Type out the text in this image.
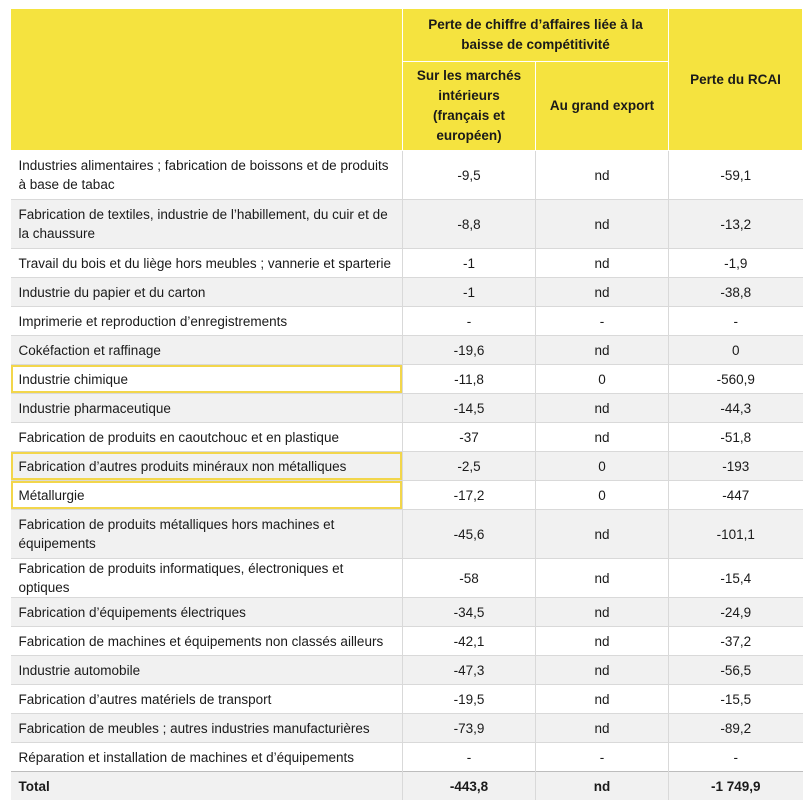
	Perte de chiffre d’affaires liée à la baisse de compétitivité		Perte du RCAI
	Sur les marchés intérieurs (français et européen)	Au grand export	
Industries alimentaires ; fabrication de boissons et de produits à base de tabac	-9,5	nd	-59,1
Fabrication de textiles, industrie de l’habillement, du cuir et de la chaussure	-8,8	nd	-13,2
Travail du bois et du liège hors meubles ; vannerie et sparterie	-1	nd	-1,9
Industrie du papier et du carton	-1	nd	-38,8
Imprimerie et reproduction d’enregistrements	-	-	-
Cokéfaction et raffinage	-19,6	nd	0
Industrie chimique	-11,8	0	-560,9
Industrie pharmaceutique	-14,5	nd	-44,3
Fabrication de produits en caoutchouc et en plastique	-37	nd	-51,8
Fabrication d’autres produits minéraux non métalliques	-2,5	0	-193
Métallurgie	-17,2	0	-447
Fabrication de produits métalliques hors machines et équipements	-45,6	nd	-101,1
Fabrication de produits informatiques, électroniques et optiques	-58	nd	-15,4
Fabrication d’équipements électriques	-34,5	nd	-24,9
Fabrication de machines et équipements non classés ailleurs	-42,1	nd	-37,2
Industrie automobile	-47,3	nd	-56,5
Fabrication d’autres matériels de transport	-19,5	nd	-15,5
Fabrication de meubles ; autres industries manufacturières	-73,9	nd	-89,2
Réparation et installation de machines et d’équipements	-	-	-
Total	-443,8	nd	-1 749,9
